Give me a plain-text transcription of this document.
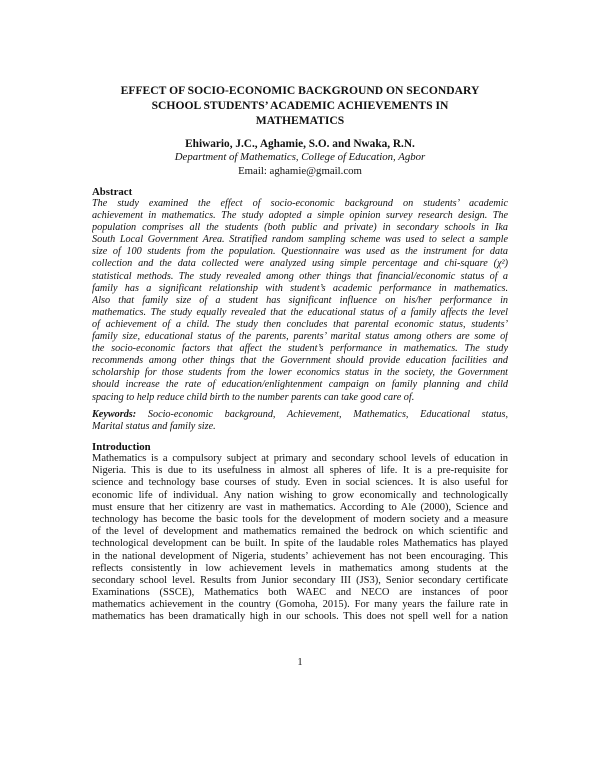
EFFECT OF SOCIO-ECONOMIC BACKGROUND ON SECONDARY
SCHOOL STUDENTS’ ACADEMIC ACHIEVEMENTS IN
MATHEMATICS
Ehiwario, J.C., Aghamie, S.O. and Nwaka, R.N.
Department of Mathematics, College of Education, Agbor
Email: aghamie@gmail.com
Abstract
The study examined the effect of socio-economic background on students’ academic
achievement in mathematics. The study adopted a simple opinion survey research design. The
population comprises all the students (both public and private) in secondary schools in Ika
South Local Government Area. Stratified random sampling scheme was used to select a sample
size of 100 students from the population. Questionnaire was used as the instrument for data
collection and the data collected were analyzed using simple percentage and chi-square (χ²)
statistical methods. The study revealed among other things that financial/economic status of a
family has a significant relationship with student’s academic performance in mathematics.
Also that family size of a student has significant influence on his/her performance in
mathematics. The study equally revealed that the educational status of a family affects the level
of achievement of a child. The study then concludes that parental economic status, students’
family size, educational status of the parents, parents’ marital status among others are some of
the socio-economic factors that affect the student’s performance in mathematics. The study
recommends among other things that the Government should provide education facilities and
scholarship for those students from the lower economics status in the society, the Government
should increase the rate of education/enlightenment campaign on family planning and child
spacing to help reduce child birth to the number parents can take good care of.
Keywords: Socio-economic background, Achievement, Mathematics, Educational status,
Marital status and family size.
Introduction
Mathematics is a compulsory subject at primary and secondary school levels of education in
Nigeria. This is due to its usefulness in almost all spheres of life. It is a pre-requisite for
science and technology base courses of study. Even in social sciences. It is also useful for
economic life of individual. Any nation wishing to grow economically and technologically
must ensure that her citizenry are vast in mathematics. According to Ale (2000), Science and
technology has become the basic tools for the development of modern society and a measure
of the level of development and mathematics remained the bedrock on which scientific and
technological development can be built. In spite of the laudable roles Mathematics has played
in the national development of Nigeria, students’ achievement has not been encouraging. This
reflects consistently in low achievement levels in mathematics among students at the
secondary school level. Results from Junior secondary III (JS3), Senior secondary certificate
Examinations (SSCE), Mathematics both WAEC and NECO are instances of poor
mathematics achievement in the country (Gomoha, 2015). For many years the failure rate in
mathematics has been dramatically high in our schools. This does not spell well for a nation
1
